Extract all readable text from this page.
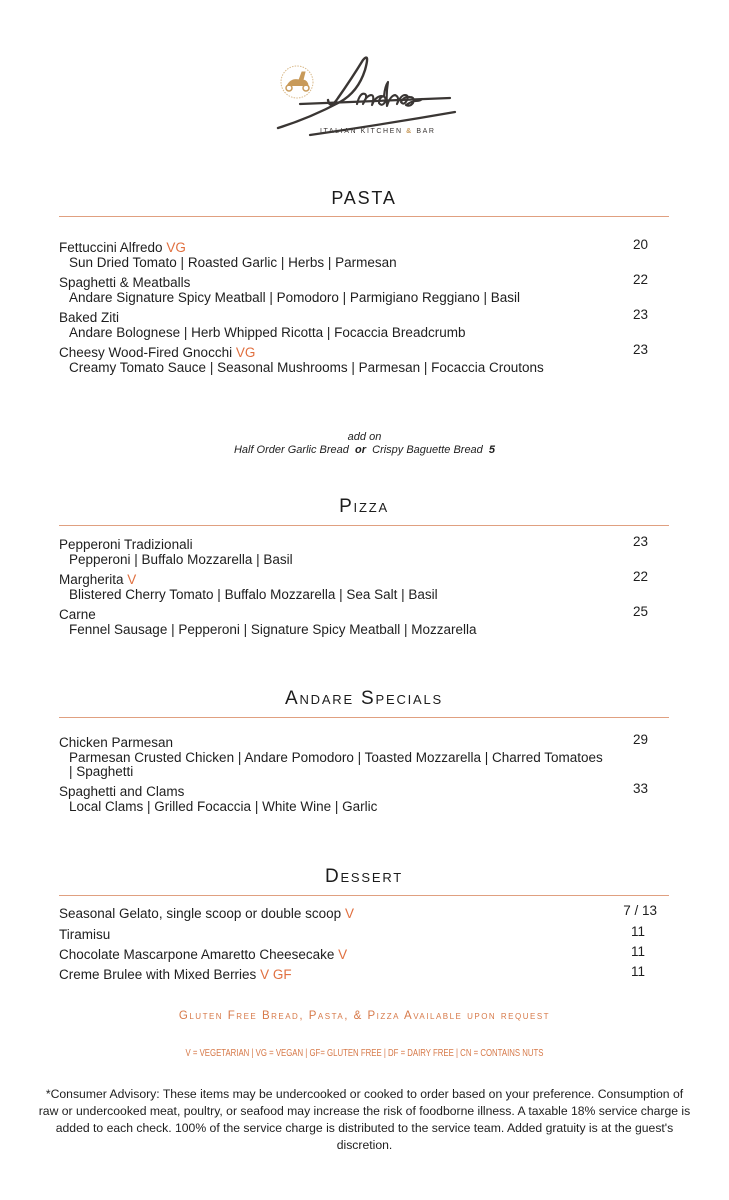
ITALIAN KITCHEN & BAR
PASTA
Fettuccini Alfredo VG
Sun Dried Tomato | Roasted Garlic | Herbs | Parmesan
20
Spaghetti & Meatballs
Andare Signature Spicy Meatball | Pomodoro | Parmigiano Reggiano | Basil
22
Baked Ziti
Andare Bolognese | Herb Whipped Ricotta | Focaccia Breadcrumb
23
Cheesy Wood-Fired Gnocchi VG
Creamy Tomato Sauce | Seasonal Mushrooms | Parmesan | Focaccia Croutons
23
add on
Half Order Garlic Bread or Crispy Baguette Bread 5
Pizza
Pepperoni Tradizionali
Pepperoni | Buffalo Mozzarella | Basil
23
Margherita V
Blistered Cherry Tomato | Buffalo Mozzarella | Sea Salt | Basil
22
Carne
Fennel Sausage | Pepperoni | Signature Spicy Meatball | Mozzarella
25
Andare Specials
Chicken Parmesan
Parmesan Crusted Chicken | Andare Pomodoro | Toasted Mozzarella | Charred Tomatoes | Spaghetti
29
Spaghetti and Clams
Local Clams | Grilled Focaccia | White Wine | Garlic
33
Dessert
Seasonal Gelato, single scoop or double scoop V	7 / 13
Tiramisu	11
Chocolate Mascarpone Amaretto Cheesecake V	11
Creme Brulee with Mixed Berries V GF	11
Gluten Free Bread, Pasta, & Pizza Available upon request
V = VEGETARIAN | VG = VEGAN | GF= GLUTEN FREE | DF = DAIRY FREE | CN = CONTAINS NUTS
*Consumer Advisory: These items may be undercooked or cooked to order based on your preference. Consumption of raw or undercooked meat, poultry, or seafood may increase the risk of foodborne illness. A taxable 18% service charge is added to each check. 100% of the service charge is distributed to the service team. Added gratuity is at the guest's discretion.
